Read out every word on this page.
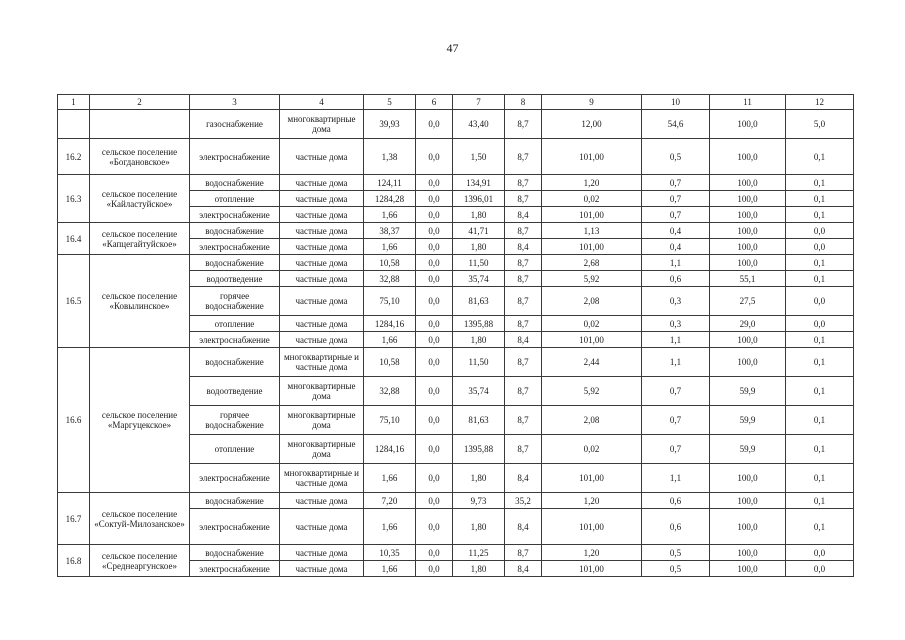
47
1	2	3	4	5	6	7	8	9	10	11	12
		газоснабжение	многоквартирные дома	39,93	0,0	43,40	8,7	12,00	54,6	100,0	5,0
16.2	сельское поселение «Богдановское»	электроснабжение	частные дома	1,38	0,0	1,50	8,7	101,00	0,5	100,0	0,1
16.3	сельское поселение «Кайластуйское»	водоснабжение	частные дома	124,11	0,0	134,91	8,7	1,20	0,7	100,0	0,1
		отопление	частные дома	1284,28	0,0	1396,01	8,7	0,02	0,7	100,0	0,1
		электроснабжение	частные дома	1,66	0,0	1,80	8,4	101,00	0,7	100,0	0,1
16.4	сельское поселение «Капцегайтуйское»	водоснабжение	частные дома	38,37	0,0	41,71	8,7	1,13	0,4	100,0	0,0
		электроснабжение	частные дома	1,66	0,0	1,80	8,4	101,00	0,4	100,0	0,0
16.5	сельское поселение «Ковылинское»	водоснабжение	частные дома	10,58	0,0	11,50	8,7	2,68	1,1	100,0	0,1
		водоотведение	частные дома	32,88	0,0	35,74	8,7	5,92	0,6	55,1	0,1
		горячее водоснабжение	частные дома	75,10	0,0	81,63	8,7	2,08	0,3	27,5	0,0
		отопление	частные дома	1284,16	0,0	1395,88	8,7	0,02	0,3	29,0	0,0
		электроснабжение	частные дома	1,66	0,0	1,80	8,4	101,00	1,1	100,0	0,1
16.6	сельское поселение «Маргуцекское»	водоснабжение	многоквартирные и частные дома	10,58	0,0	11,50	8,7	2,44	1,1	100,0	0,1
		водоотведение	многоквартирные дома	32,88	0,0	35,74	8,7	5,92	0,7	59,9	0,1
		горячее водоснабжение	многоквартирные дома	75,10	0,0	81,63	8,7	2,08	0,7	59,9	0,1
		отопление	многоквартирные дома	1284,16	0,0	1395,88	8,7	0,02	0,7	59,9	0,1
		электроснабжение	многоквартирные и частные дома	1,66	0,0	1,80	8,4	101,00	1,1	100,0	0,1
16.7	сельское поселение «Соктуй-Милозанское»	водоснабжение	частные дома	7,20	0,0	9,73	35,2	1,20	0,6	100,0	0,1
		электроснабжение	частные дома	1,66	0,0	1,80	8,4	101,00	0,6	100,0	0,1
16.8	сельское поселение «Среднеаргунское»	водоснабжение	частные дома	10,35	0,0	11,25	8,7	1,20	0,5	100,0	0,0
		электроснабжение	частные дома	1,66	0,0	1,80	8,4	101,00	0,5	100,0	0,0
